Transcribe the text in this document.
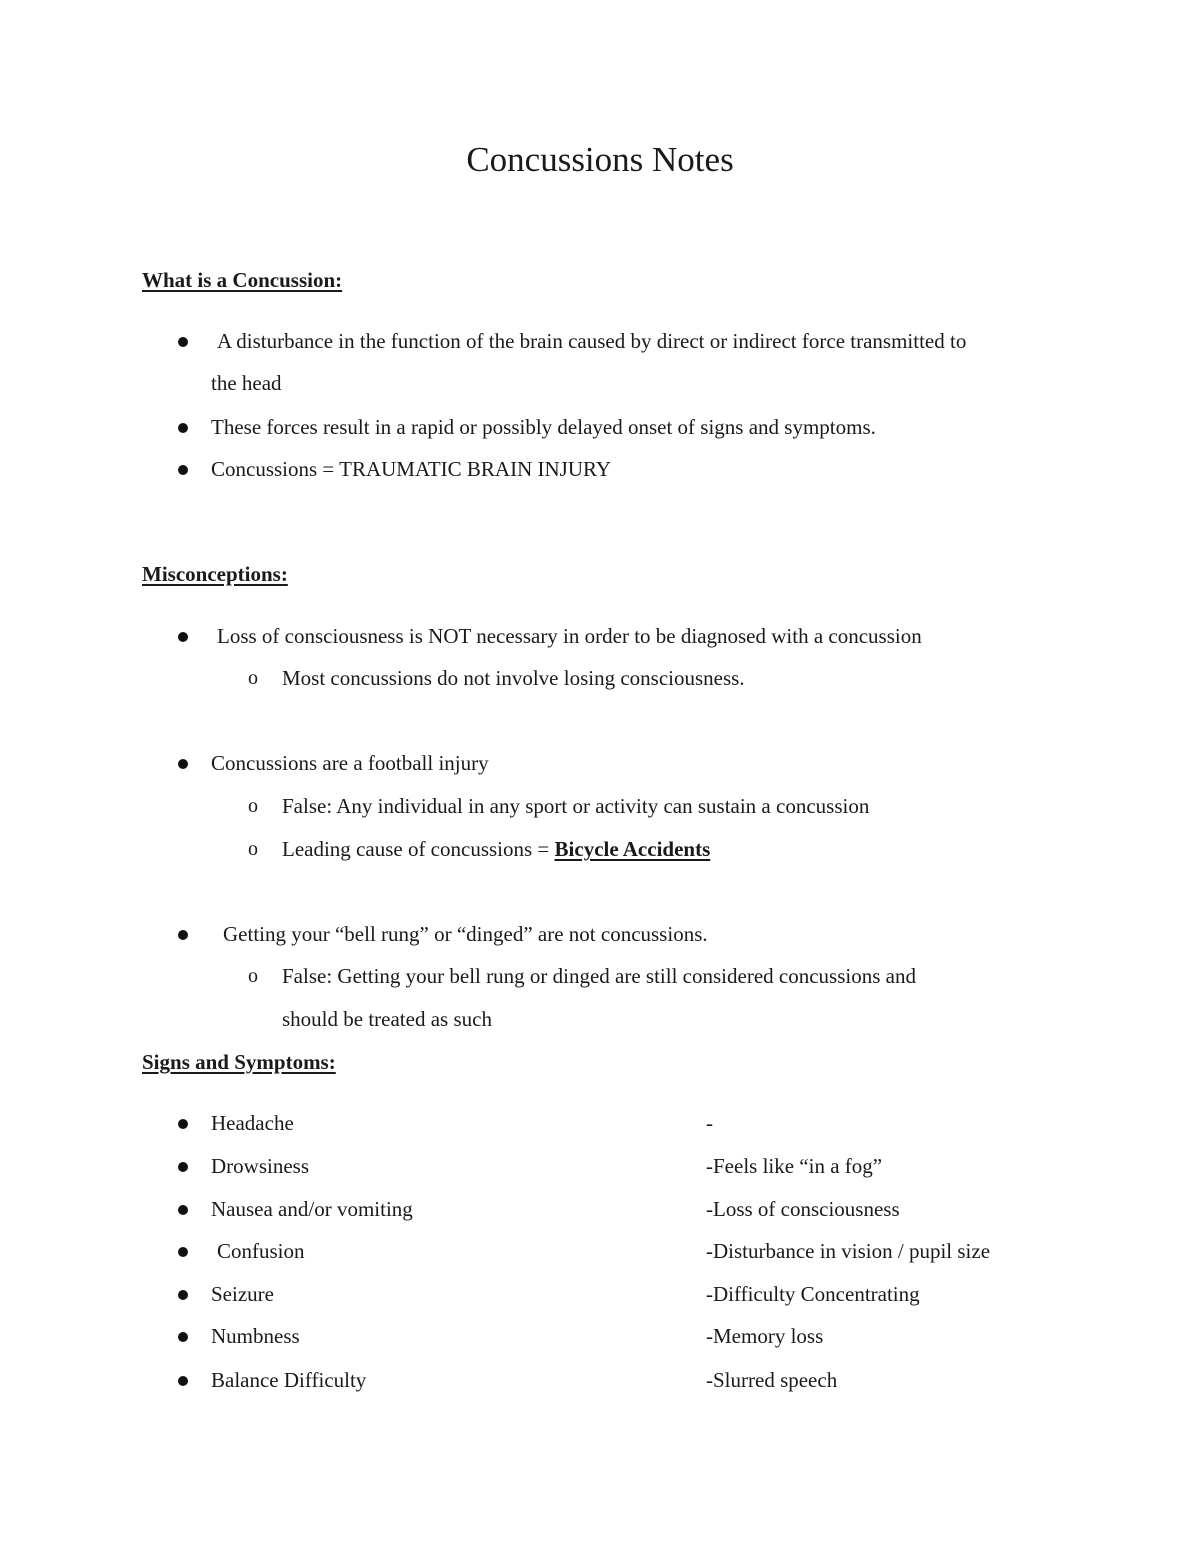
Concussions Notes
What is a Concussion:
A disturbance in the function of the brain caused by direct or indirect force transmitted to
the head
These forces result in a rapid or possibly delayed onset of signs and symptoms.
Concussions = TRAUMATIC BRAIN INJURY
Misconceptions:
Loss of consciousness is NOT necessary in order to be diagnosed with a concussion
o Most concussions do not involve losing consciousness.
Concussions are a football injury
o False: Any individual in any sport or activity can sustain a concussion
o Leading cause of concussions = Bicycle Accidents
Getting your “bell rung” or “dinged” are not concussions.
o False: Getting your bell rung or dinged are still considered concussions and
should be treated as such
Signs and Symptoms:
Headache
Drowsiness
Nausea and/or vomiting
Confusion
Seizure
Numbness
Balance Difficulty
-
-Feels like “in a fog”
-Loss of consciousness
-Disturbance in vision / pupil size
-Difficulty Concentrating
-Memory loss
-Slurred speech
